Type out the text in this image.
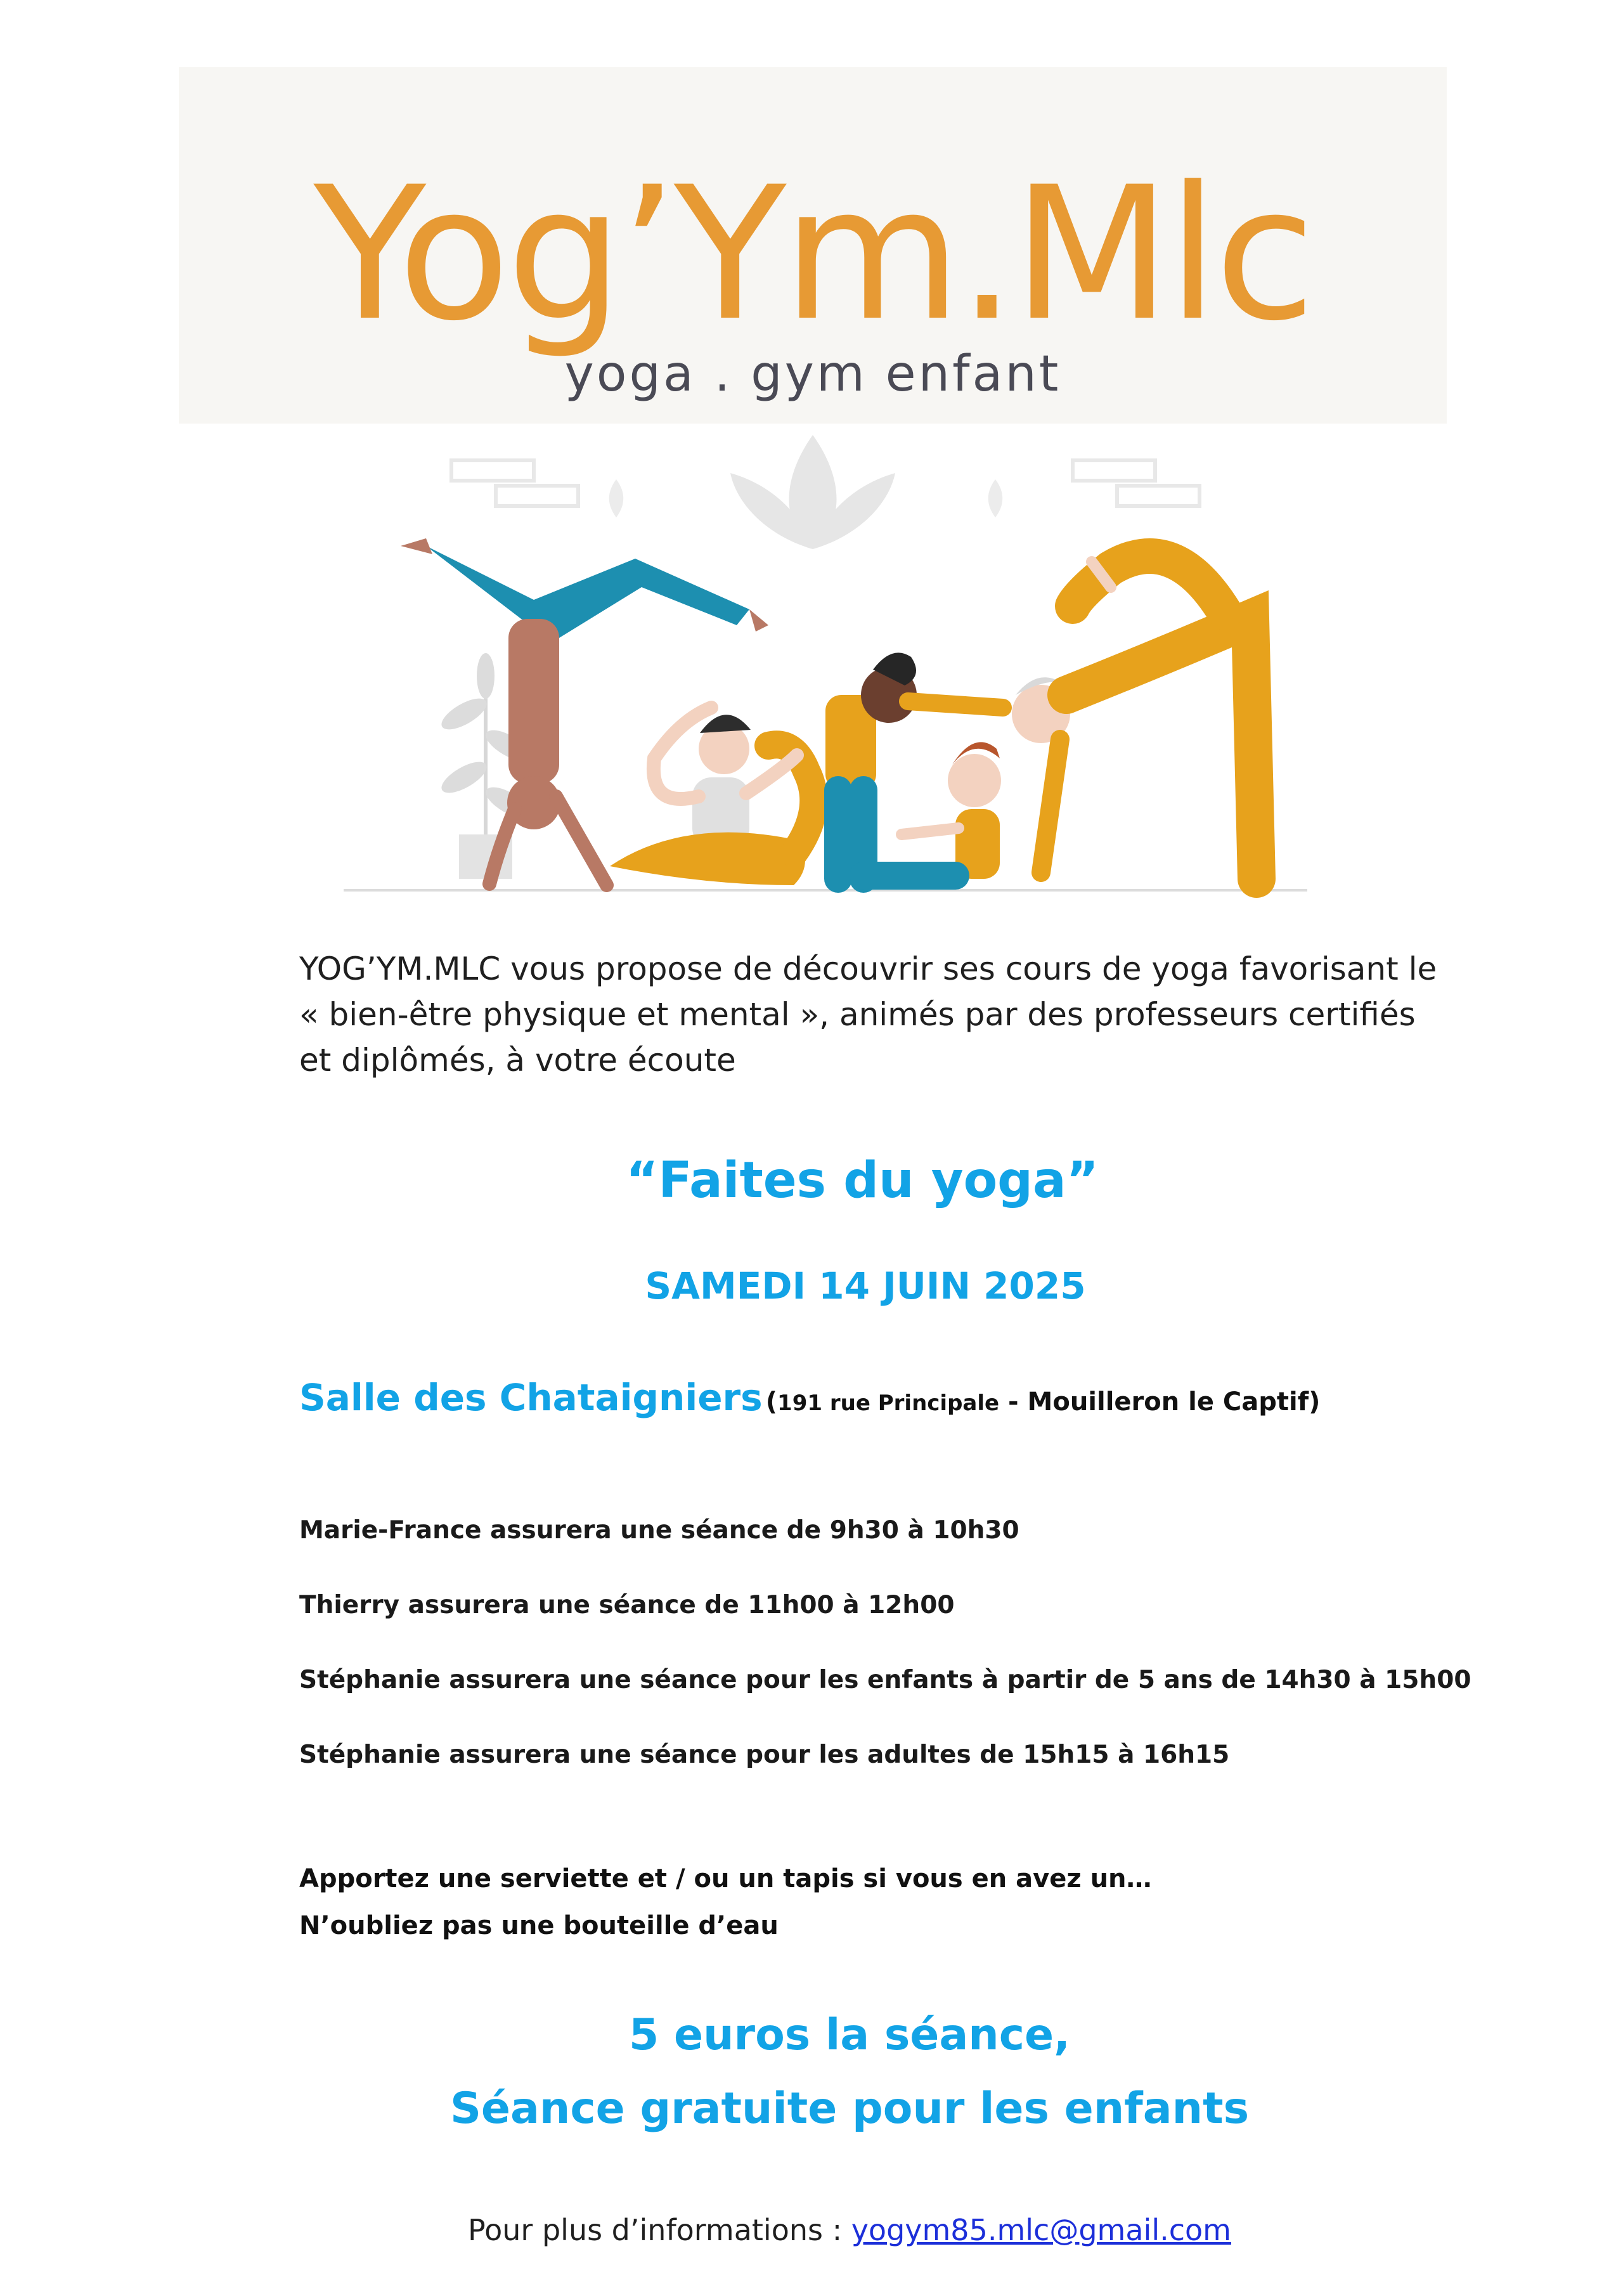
Yog’Ym.Mlc
yoga . gym enfant
YOG’YM.MLC vous propose de découvrir ses cours de yoga favorisant le
« bien-être physique et mental », animés par des professeurs certifiés
et diplômés, à votre écoute
“Faites du yoga”
SAMEDI 14 JUIN 2025
Salle des Chataigniers (191 rue Principale - Mouilleron le Captif)
Marie-France assurera une séance de 9h30 à 10h30
Thierry assurera une séance de 11h00 à 12h00
Stéphanie assurera une séance pour les enfants à partir de 5 ans de 14h30 à 15h00
Stéphanie assurera une séance pour les adultes de 15h15 à 16h15
Apportez une serviette et / ou un tapis si vous en avez un…
N’oubliez pas une bouteille d’eau
5 euros la séance,
Séance gratuite pour les enfants
Pour plus d’informations : yogym85.mlc@gmail.com
